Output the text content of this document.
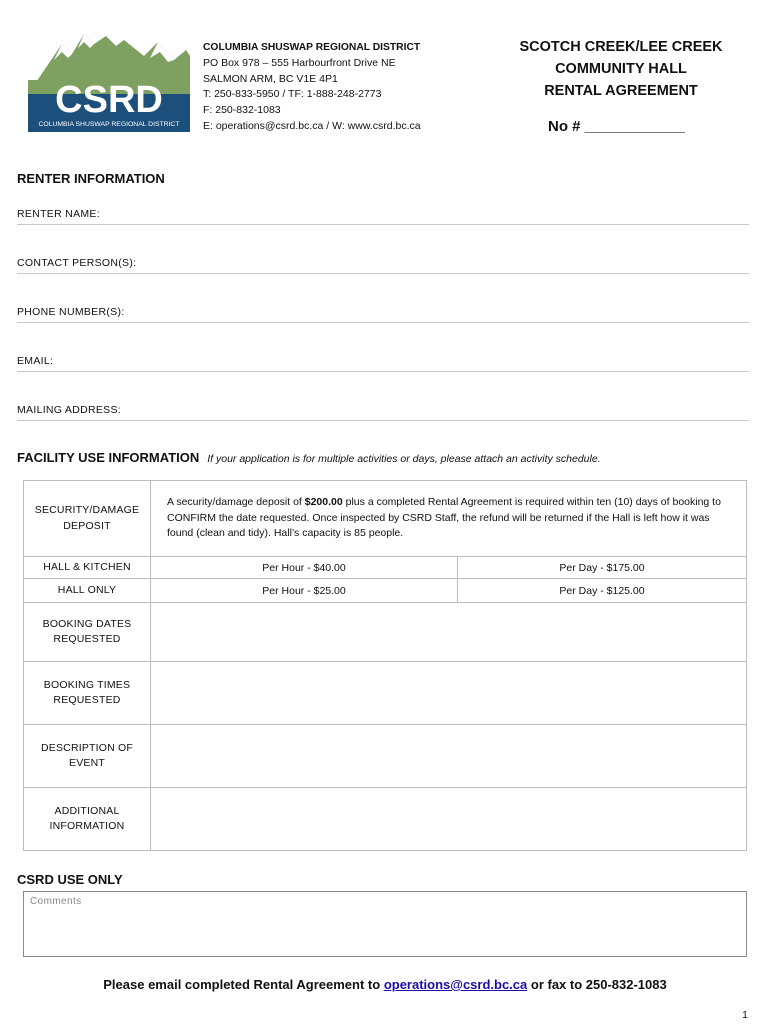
CSRD
COLUMBIA SHUSWAP REGIONAL DISTRICT
COLUMBIA SHUSWAP REGIONAL DISTRICT
PO Box 978 – 555 Harbourfront Drive NE
SALMON ARM, BC V1E 4P1
T: 250-833-5950 / TF: 1-888-248-2773
F: 250-832-1083
E: operations@csrd.bc.ca / W: www.csrd.bc.ca
SCOTCH CREEK/LEE CREEK
COMMUNITY HALL
RENTAL AGREEMENT
No # ____________
RENTER INFORMATION
RENTER NAME:
CONTACT PERSON(S):
PHONE NUMBER(S):
EMAIL:
MAILING ADDRESS:
FACILITY USE INFORMATION If your application is for multiple activities or days, please attach an activity schedule.
SECURITY/DAMAGE DEPOSIT	A security/damage deposit of $200.00 plus a completed Rental Agreement is required within ten (10) days of booking to CONFIRM the date requested. Once inspected by CSRD Staff, the refund will be returned if the Hall is left how it was found (clean and tidy). Hall’s capacity is 85 people.	
HALL & KITCHEN	Per Hour - $40.00	Per Day - $175.00
HALL ONLY	Per Hour - $25.00	Per Day - $125.00
BOOKING DATES REQUESTED		
BOOKING TIMES REQUESTED		
DESCRIPTION OF EVENT		
ADDITIONAL INFORMATION		
CSRD USE ONLY
Comments
Please email completed Rental Agreement to operations@csrd.bc.ca or fax to 250-832-1083
1
